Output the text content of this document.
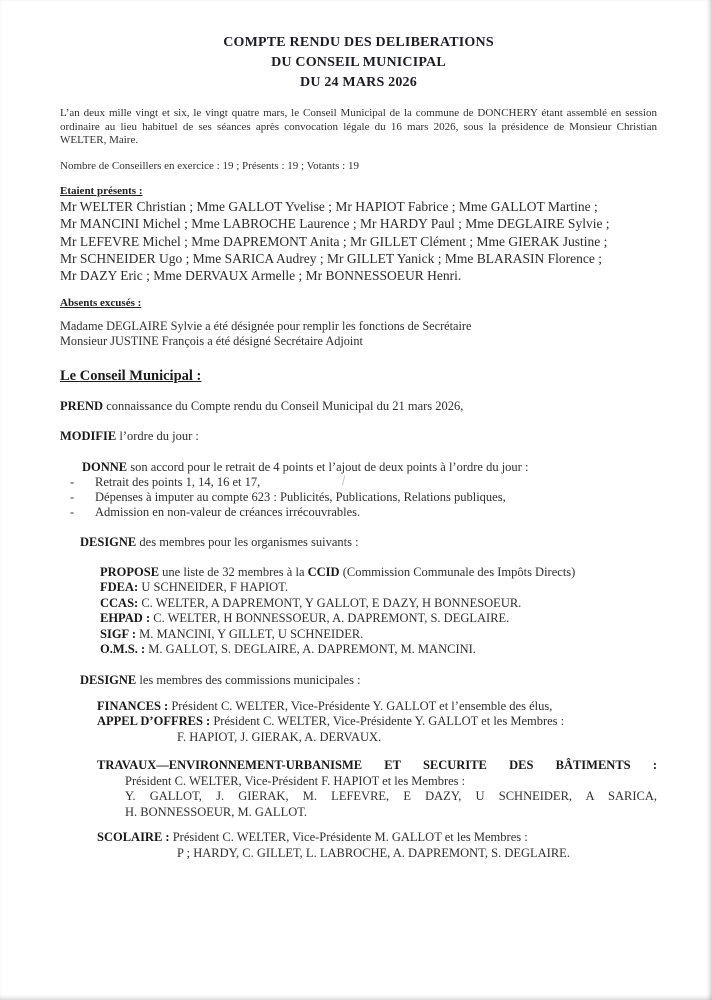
COMPTE RENDU DES DELIBERATIONS
DU CONSEIL MUNICIPAL
DU 24 MARS 2026
L’an deux mille vingt et six, le vingt quatre mars, le Conseil Municipal de la commune de DONCHERY étant assemblé en session ordinaire au lieu habituel de ses séances après convocation légale du 16 mars 2026, sous la présidence de Monsieur Christian WELTER, Maire.
Nombre de Conseillers en exercice : 19 ; Présents : 19 ; Votants : 19
Etaient présents :
Mr WELTER Christian ; Mme GALLOT Yvelise ; Mr HAPIOT Fabrice ; Mme GALLOT Martine ;
Mr MANCINI Michel ; Mme LABROCHE Laurence ; Mr HARDY Paul ; Mme DEGLAIRE Sylvie ;
Mr LEFEVRE Michel ; Mme DAPREMONT Anita ; Mr GILLET Clément ; Mme GIERAK Justine ;
Mr SCHNEIDER Ugo ; Mme SARICA Audrey ; Mr GILLET Yanick ; Mme BLARASIN Florence ;
Mr DAZY Eric ; Mme DERVAUX Armelle ; Mr BONNESSOEUR Henri.
Absents excusés :
Madame DEGLAIRE Sylvie a été désignée pour remplir les fonctions de Secrétaire
Monsieur JUSTINE François a été désigné Secrétaire Adjoint
Le Conseil Municipal :
PREND connaissance du Compte rendu du Conseil Municipal du 21 mars 2026,
MODIFIE l’ordre du jour :
DONNE son accord pour le retrait de 4 points et l’ajout de deux points à l’ordre du jour :
- Retrait des points 1, 14, 16 et 17,
- Dépenses à imputer au compte 623 : Publicités, Publications, Relations publiques,
- Admission en non-valeur de créances irrécouvrables.
DESIGNE des membres pour les organismes suivants :
PROPOSE une liste de 32 membres à la CCID (Commission Communale des Impôts Directs)
FDEA: U SCHNEIDER, F HAPIOT.
CCAS: C. WELTER, A DAPREMONT, Y GALLOT, E DAZY, H BONNESOEUR.
EHPAD : C. WELTER, H BONNESSOEUR, A. DAPREMONT, S. DEGLAIRE.
SIGF : M. MANCINI, Y GILLET, U SCHNEIDER.
O.M.S. : M. GALLOT, S. DEGLAIRE, A. DAPREMONT, M. MANCINI.
DESIGNE les membres des commissions municipales :
FINANCES : Président C. WELTER, Vice-Présidente Y. GALLOT et l’ensemble des élus,
APPEL D’OFFRES : Président C. WELTER, Vice-Présidente Y. GALLOT et les Membres :
F. HAPIOT, J. GIERAK, A. DERVAUX.
TRAVAUX—ENVIRONNEMENT-URBANISME ET SECURITE DES BÂTIMENTS :
Président C. WELTER, Vice-Président F. HAPIOT et les Membres :
Y. GALLOT, J. GIERAK, M. LEFEVRE, E DAZY, U SCHNEIDER, A SARICA,
H. BONNESSOEUR, M. GALLOT.
SCOLAIRE : Président C. WELTER, Vice-Présidente M. GALLOT et les Membres :
P ; HARDY, C. GILLET, L. LABROCHE, A. DAPREMONT, S. DEGLAIRE.
